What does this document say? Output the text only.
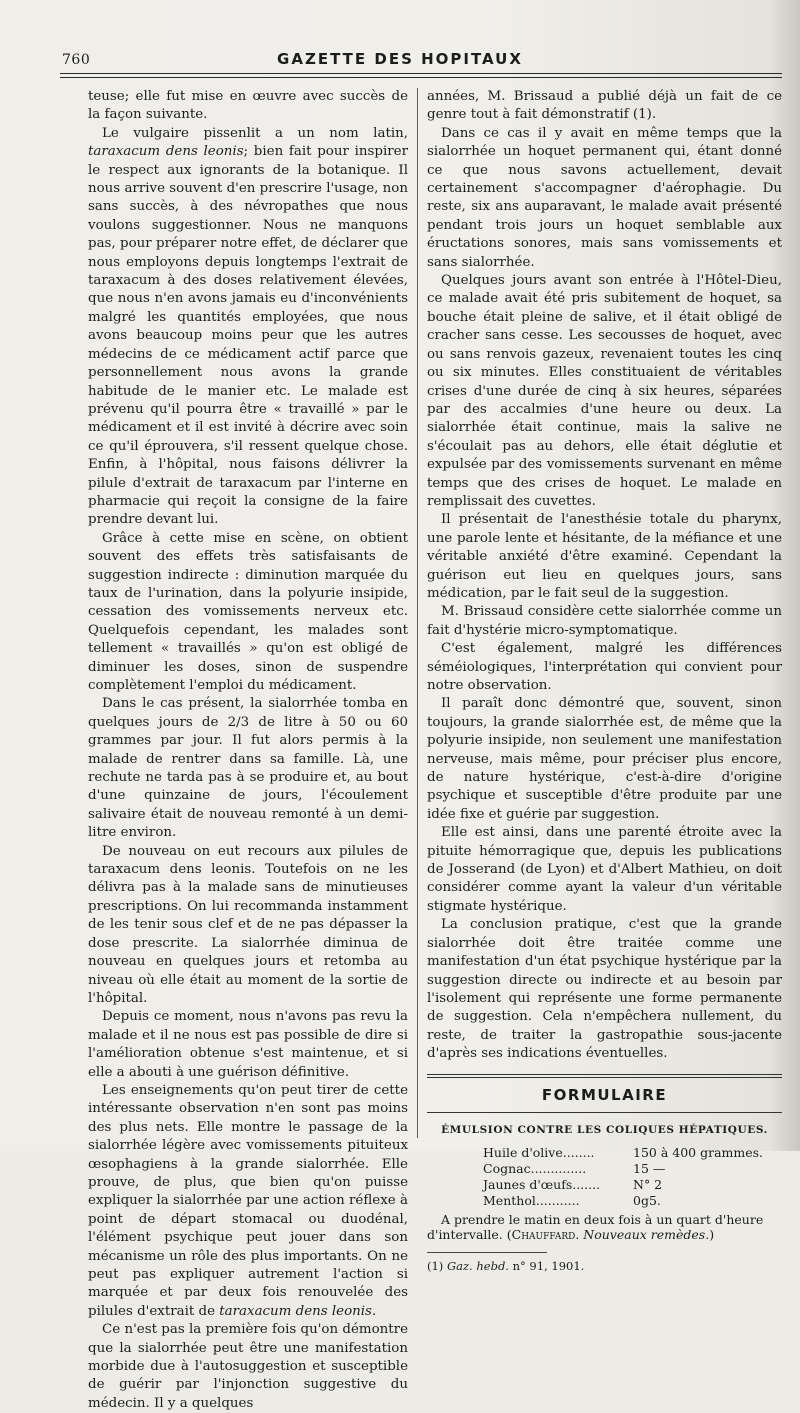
760	GAZETTE DES HOPITAUX

teuse; elle fut mise en œuvre avec succès de la façon suivante.

Le vulgaire pissenlit a un nom latin, taraxacum dens leonis; bien fait pour inspirer le respect aux ignorants de la botanique. Il nous arrive souvent d'en prescrire l'usage, non sans succès, à des névropathes que nous voulons suggestionner. Nous ne manquons pas, pour préparer notre effet, de déclarer que nous employons depuis longtemps l'extrait de taraxacum à des doses relativement élevées, que nous n'en avons jamais eu d'inconvénients malgré les quantités employées, que nous avons beaucoup moins peur que les autres médecins de ce médicament actif parce que personnellement nous avons la grande habitude de le manier etc. Le malade est prévenu qu'il pourra être « travaillé » par le médicament et il est invité à décrire avec soin ce qu'il éprouvera, s'il ressent quelque chose. Enfin, à l'hôpital, nous faisons délivrer la pilule d'extrait de taraxacum par l'interne en pharmacie qui reçoit la consigne de la faire prendre devant lui.

Grâce à cette mise en scène, on obtient souvent des effets très satisfaisants de suggestion indirecte : diminution marquée du taux de l'urination, dans la polyurie insipide, cessation des vomissements nerveux etc. Quelquefois cependant, les malades sont tellement « travaillés » qu'on est obligé de diminuer les doses, sinon de suspendre complètement l'emploi du médicament.

Dans le cas présent, la sialorrhée tomba en quelques jours de 2/3 de litre à 50 ou 60 grammes par jour. Il fut alors permis à la malade de rentrer dans sa famille. Là, une rechute ne tarda pas à se produire et, au bout d'une quinzaine de jours, l'écoulement salivaire était de nouveau remonté à un demi-litre environ.

De nouveau on eut recours aux pilules de taraxacum dens leonis. Toutefois on ne les délivra pas à la malade sans de minutieuses prescriptions. On lui recommanda instamment de les tenir sous clef et de ne pas dépasser la dose prescrite. La sialorrhée diminua de nouveau en quelques jours et retomba au niveau où elle était au moment de la sortie de l'hôpital.

Depuis ce moment, nous n'avons pas revu la malade et il ne nous est pas possible de dire si l'amélioration obtenue s'est maintenue, et si elle a abouti à une guérison définitive.

Les enseignements qu'on peut tirer de cette intéressante observation n'en sont pas moins des plus nets. Elle montre le passage de la sialorrhée légère avec vomissements pituiteux œsophagiens à la grande sialorrhée. Elle prouve, de plus, que bien qu'on puisse expliquer la sialorrhée par une action réflexe à point de départ stomacal ou duodénal, l'élément psychique peut jouer dans son mécanisme un rôle des plus importants. On ne peut pas expliquer autrement l'action si marquée et par deux fois renouvelée des pilules d'extrait de taraxacum dens leonis.

Ce n'est pas la première fois qu'on démontre que la sialorrhée peut être une manifestation morbide due à l'autosuggestion et susceptible de guérir par l'injonction suggestive du médecin. Il y a quelques

années, M. Brissaud a publié déjà un fait de ce genre tout à fait démonstratif (1).

Dans ce cas il y avait en même temps que la sialorrhée un hoquet permanent qui, étant donné ce que nous savons actuellement, devait certainement s'accompagner d'aérophagie. Du reste, six ans auparavant, le malade avait présenté pendant trois jours un hoquet semblable aux éructations sonores, mais sans vomissements et sans sialorrhée.

Quelques jours avant son entrée à l'Hôtel-Dieu, ce malade avait été pris subitement de hoquet, sa bouche était pleine de salive, et il était obligé de cracher sans cesse. Les secousses de hoquet, avec ou sans renvois gazeux, revenaient toutes les cinq ou six minutes. Elles constituaient de véritables crises d'une durée de cinq à six heures, séparées par des accalmies d'une heure ou deux. La sialorrhée était continue, mais la salive ne s'écoulait pas au dehors, elle était déglutie et expulsée par des vomissements survenant en même temps que des crises de hoquet. Le malade en remplissait des cuvettes.

Il présentait de l'anesthésie totale du pharynx, une parole lente et hésitante, de la méfiance et une véritable anxiété d'être examiné. Cependant la guérison eut lieu en quelques jours, sans médication, par le fait seul de la suggestion.

M. Brissaud considère cette sialorrhée comme un fait d'hystérie micro-symptomatique.

C'est également, malgré les différences séméiologiques, l'interprétation qui convient pour notre observation.

Il paraît donc démontré que, souvent, sinon toujours, la grande sialorrhée est, de même que la polyurie insipide, non seulement une manifestation nerveuse, mais même, pour préciser plus encore, de nature hystérique, c'est-à-dire d'origine psychique et susceptible d'être produite par une idée fixe et guérie par suggestion.

Elle est ainsi, dans une parenté étroite avec la pituite hémorragique que, depuis les publications de Josserand (de Lyon) et d'Albert Mathieu, on doit considérer comme ayant la valeur d'un véritable stigmate hystérique.

La conclusion pratique, c'est que la grande sialorrhée doit être traitée comme une manifestation d'un état psychique hystérique par la suggestion directe ou indirecte et au besoin par l'isolement qui représente une forme permanente de suggestion. Cela n'empêchera nullement, du reste, de traiter la gastropathie sous-jacente d'après ses indications éventuelles.

FORMULAIRE
ÉMULSION CONTRE LES COLIQUES HÉPATIQUES.
Huile d'olive........	150 à 400 grammes.
Cognac..............	15 —
Jaunes d'œufs.......	N° 2
Menthol...........	0g5.
A prendre le matin en deux fois à un quart d'heure d'intervalle. (Chauffard. Nouveaux remèdes.)
(1) Gaz. hebd. n° 91, 1901.
